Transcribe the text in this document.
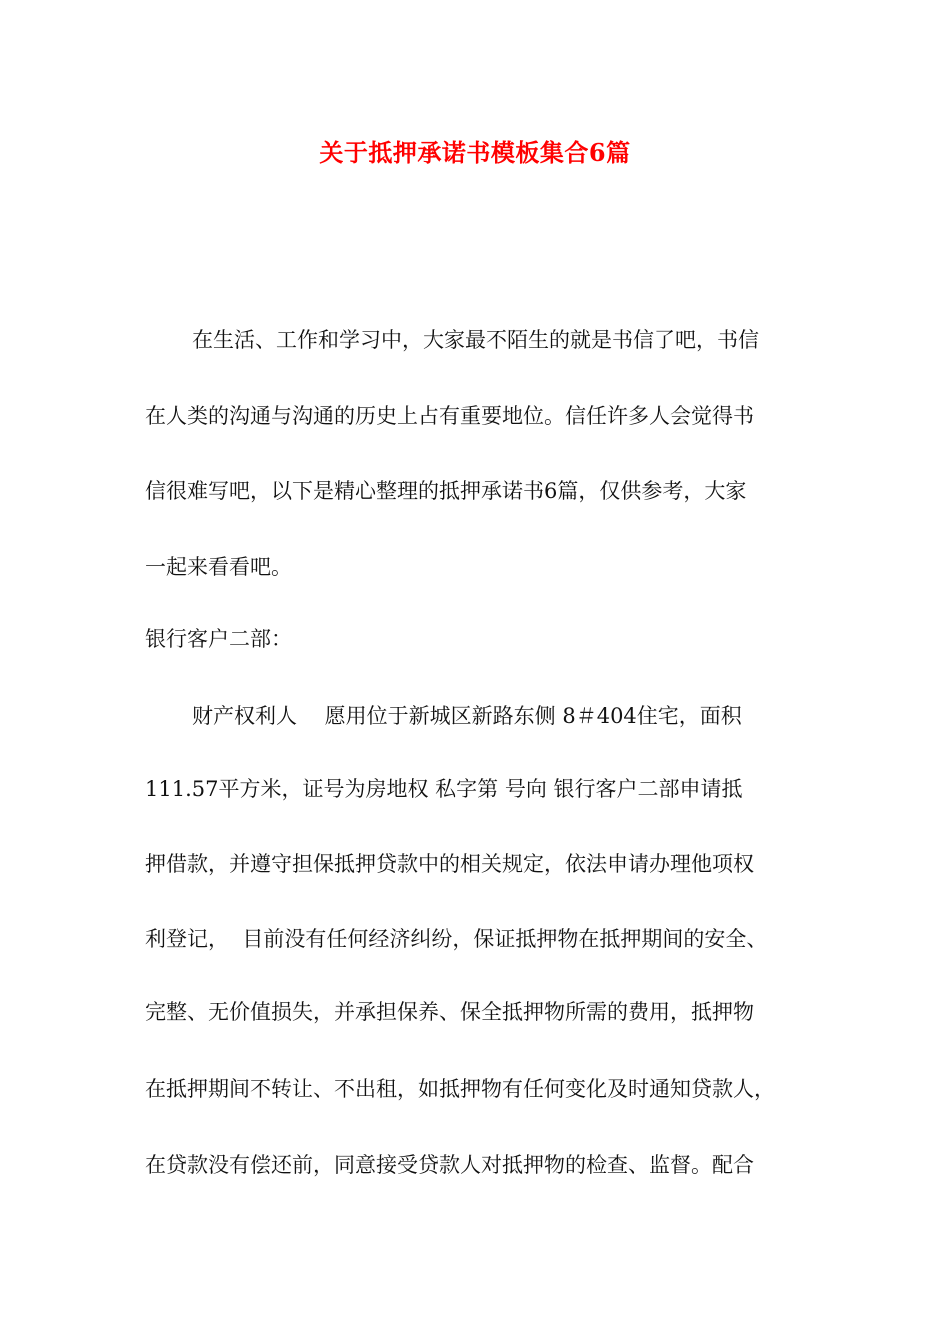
关于抵押承诺书模板集合6篇
在生活、工作和学习中，大家最不陌生的就是书信了吧，书信
在人类的沟通与沟通的历史上占有重要地位。信任许多人会觉得书
信很难写吧，以下是精心整理的抵押承诺书6篇，仅供参考，大家
一起来看看吧。
银行客户二部：
财产权利人　 愿用位于新城区新路东侧 8＃404住宅，面积
111.57平方米，证号为房地权 私字第 号向 银行客户二部申请抵
押借款，并遵守担保抵押贷款中的相关规定，依法申请办理他项权
利登记，  目前没有任何经济纠纷，保证抵押物在抵押期间的安全、
完整、无价值损失，并承担保养、保全抵押物所需的费用，抵押物
在抵押期间不转让、不出租，如抵押物有任何变化及时通知贷款人，
在贷款没有偿还前，同意接受贷款人对抵押物的检查、监督。配合
